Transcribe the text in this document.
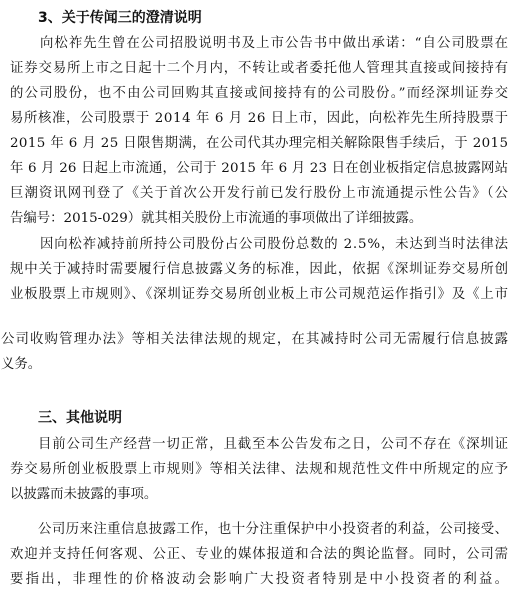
3、关于传闻三的澄清说明
向松祚先生曾在公司招股说明书及上市公告书中做出承诺：“自公司股票在
证券交易所上市之日起十二个月内，不转让或者委托他人管理其直接或间接持有
的公司股份，也不由公司回购其直接或间接持有的公司股份。”而经深圳证券交
易所核准，公司股票于 2014 年 6 月 26 日上市，因此，向松祚先生所持股票于
2015 年 6 月 25 日限售期满，在公司代其办理完相关解除限售手续后，于 2015
年 6 月 26 日起上市流通，公司于 2015 年 6 月 23 日在创业板指定信息披露网站
巨潮资讯网刊登了《关于首次公开发行前已发行股份上市流通提示性公告》（公
告编号：2015-029）就其相关股份上市流通的事项做出了详细披露。
因向松祚减持前所持公司股份占公司股份总数的 2.5%，未达到当时法律法
规中关于减持时需要履行信息披露义务的标准，因此，依据《深圳证券交易所创
业板股票上市规则》、《深圳证券交易所创业板上市公司规范运作指引》及《上市
公司收购管理办法》等相关法律法规的规定，在其减持时公司无需履行信息披露
义务。
三、其他说明
目前公司生产经营一切正常，且截至本公告发布之日，公司不存在《深圳证
券交易所创业板股票上市规则》等相关法律、法规和规范性文件中所规定的应予
以披露而未披露的事项。
公司历来注重信息披露工作，也十分注重保护中小投资者的利益，公司接受、
欢迎并支持任何客观、公正、专业的媒体报道和合法的舆论监督。同时，公司需
要指出，非理性的价格波动会影响广大投资者特别是中小投资者的利益。
